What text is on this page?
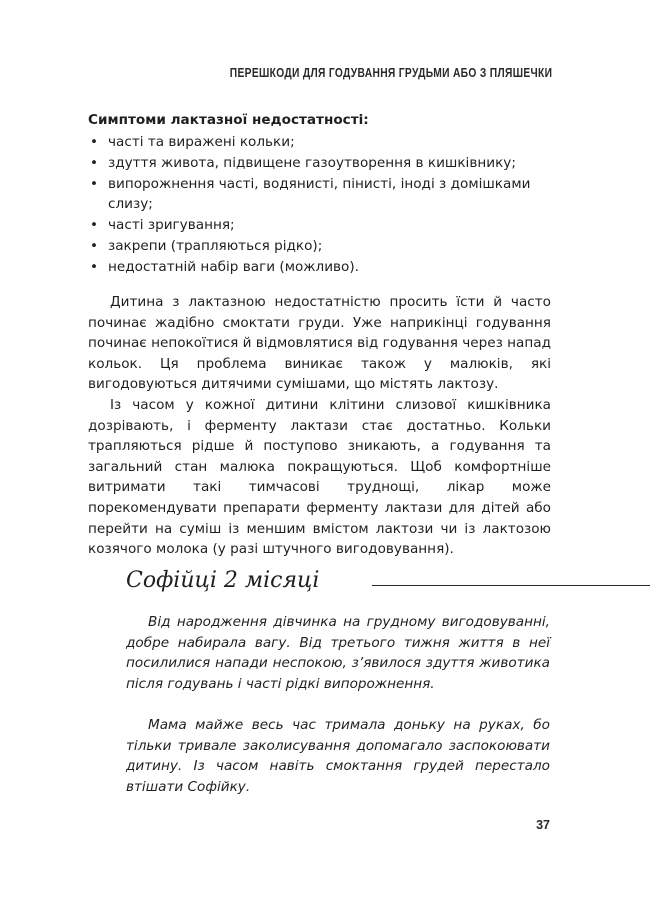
ПЕРЕШКОДИ ДЛЯ ГОДУВАННЯ ГРУДЬМИ АБО З ПЛЯШЕЧКИ
Симптоми лактазної недостатності:
• часті та виражені кольки;
• здуття живота, підвищене газоутворення в кишківнику;
• випорожнення часті, водянисті, пінисті, іноді з домішками слизу;
• часті зригування;
• закрепи (трапляються рідко);
• недостатній набір ваги (можливо).

Дитина з лактазною недостатністю просить їсти й часто починає жадібно смоктати груди. Уже наприкінці годування починає непокоїтися й відмовлятися від годування через напад кольок. Ця проблема виникає також у малюків, які вигодовуються дитячими сумішами, що містять лактозу.

Із часом у кожної дитини клітини слизової кишківника дозрівають, і ферменту лактази стає достатньо. Кольки трапляються рідше й поступово зникають, а годування та загальний стан малюка покращуються. Щоб комфортніше витримати такі тимчасові труднощі, лікар може порекомендувати препарати ферменту лактази для дітей або перейти на суміш із меншим вмістом лактози чи із лактозою козячого молока (у разі штучного вигодовування).

Софійці 2 місяці

Від народження дівчинка на грудному вигодовуванні, добре набирала вагу. Від третього тижня життя в неї посилилися напади неспокою, з’явилося здуття животика після годувань і часті рідкі випорожнення.

Мама майже весь час тримала доньку на руках, бо тільки тривале заколисування допомагало заспокоювати дитину. Із часом навіть смоктання грудей перестало втішати Софійку.

37
